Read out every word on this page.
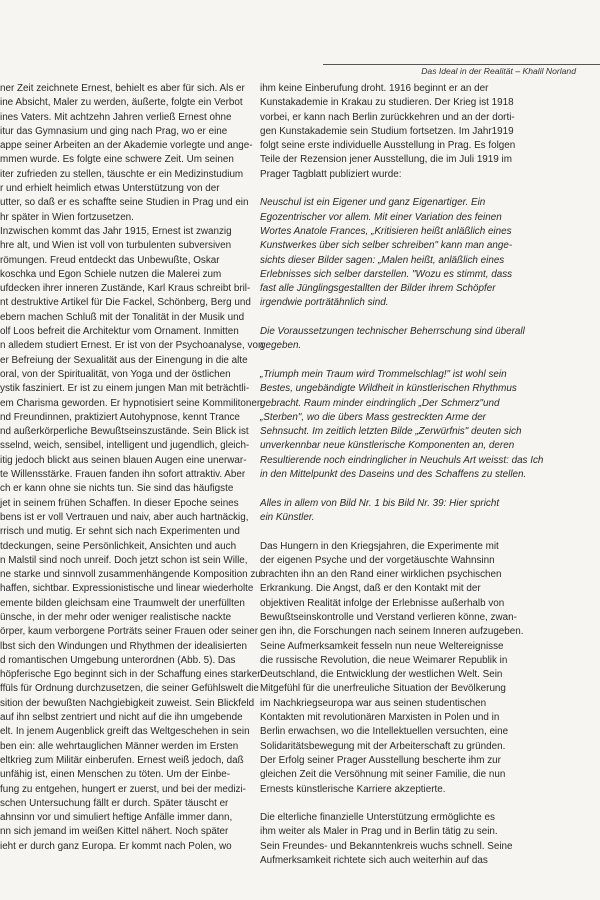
Das Ideal in der Realität – Khalil Norland
ner Zeit zeichnete Ernest, behielt es aber für sich. Als er
ine Absicht, Maler zu werden, äußerte, folgte ein Verbot
ines Vaters. Mit achtzehn Jahren verließ Ernest ohne
itur das Gymnasium und ging nach Prag, wo er eine
appe seiner Arbeiten an der Akademie vorlegte und ange-
mmen wurde. Es folgte eine schwere Zeit. Um seinen
iter zufrieden zu stellen, täuschte er ein Medizinstudium
r und erhielt heimlich etwas Unterstützung von der
utter, so daß er es schaffte seine Studien in Prag und ein
hr später in Wien fortzusetzen.
Inzwischen kommt das Jahr 1915, Ernest ist zwanzig
hre alt, und Wien ist voll von turbulenten subversiven
römungen. Freud entdeckt das Unbewußte, Oskar
koschka und Egon Schiele nutzen die Malerei zum
ufdecken ihrer inneren Zustände, Karl Kraus schreibt bril-
nt destruktive Artikel für Die Fackel, Schönberg, Berg und
ebern machen Schluß mit der Tonalität in der Musik und
olf Loos befreit die Architektur vom Ornament. Inmitten
n alledem studiert Ernest. Er ist von der Psychoanalyse, von
er Befreiung der Sexualität aus der Einengung in die alte
oral, von der Spiritualität, von Yoga und der östlichen
ystik fasziniert. Er ist zu einem jungen Man mit beträchtli-
em Charisma geworden. Er hypnotisiert seine Kommilitonen
nd Freundinnen, praktiziert Autohypnose, kennt Trance
nd außerkörperliche Bewußtseinszustände. Sein Blick ist
sselnd, weich, sensibel, intelligent und jugendlich, gleich-
itig jedoch blickt aus seinen blauen Augen eine unerwar-
te Willensstärke. Frauen fanden ihn sofort attraktiv. Aber
ch er kann ohne sie nichts tun. Sie sind das häufigste
jet in seinem frühen Schaffen. In dieser Epoche seines
bens ist er voll Vertrauen und naiv, aber auch hartnäckig,
rrisch und mutig. Er sehnt sich nach Experimenten und
tdeckungen, seine Persönlichkeit, Ansichten und auch
n Malstil sind noch unreif. Doch jetzt schon ist sein Wille,
ne starke und sinnvoll zusammenhängende Komposition zu
haffen, sichtbar. Expressionistische und linear wiederholte
emente bilden gleichsam eine Traumwelt der unerfüllten
ünsche, in der mehr oder weniger realistische nackte
örper, kaum verborgene Porträts seiner Frauen oder seiner
lbst sich den Windungen und Rhythmen der idealisierten
d romantischen Umgebung unterordnen (Abb. 5). Das
höpferische Ego beginnt sich in der Schaffung eines starken
ffüls für Ordnung durchzusetzen, die seiner Gefühlswelt die
sition der bewußten Nachgiebigkeit zuweist. Sein Blickfeld
auf ihn selbst zentriert und nicht auf die ihn umgebende
elt. In jenem Augenblick greift das Weltgeschehen in sein
ben ein: alle wehrtauglichen Männer werden im Ersten
eltkrieg zum Militär einberufen. Ernest weiß jedoch, daß
unfähig ist, einen Menschen zu töten. Um der Einbe-
fung zu entgehen, hungert er zuerst, und bei der medizi-
schen Untersuchung fällt er durch. Später täuscht er
ahnsinn vor und simuliert heftige Anfälle immer dann,
nn sich jemand im weißen Kittel nähert. Noch später
ieht er durch ganz Europa. Er kommt nach Polen, wo
ihm keine Einberufung droht. 1916 beginnt er an der
Kunstakademie in Krakau zu studieren. Der Krieg ist 1918
vorbei, er kann nach Berlin zurückkehren und an der dorti-
gen Kunstakademie sein Studium fortsetzen. Im Jahr1919
folgt seine erste individuelle Ausstellung in Prag. Es folgen
Teile der Rezension jener Ausstellung, die im Juli 1919 im
Prager Tagblatt publiziert wurde:
Neuschul ist ein Eigener und ganz Eigenartiger. Ein
Egozentrischer vor allem. Mit einer Variation des feinen
Wortes Anatole Frances, „Kritisieren heißt anläßlich eines
Kunstwerkes über sich selber schreiben" kann man ange-
sichts dieser Bilder sagen: „Malen heißt, anläßlich eines
Erlebnisses sich selber darstellen. "Wozu es stimmt, dass
fast alle Jünglingsgestallten der Bilder ihrem Schöpfer
irgendwie porträtähnlich sind.
Die Voraussetzungen technischer Beherrschung sind überall
gegeben.
„Triumph mein Traum wird Trommelschlag!" ist wohl sein
Bestes, ungebändigte Wildheit in künstlerischen Rhythmus
gebracht. Raum minder eindringlich „Der Schmerz"und
„Sterben", wo die übers Mass gestreckten Arme der
Sehnsucht. Im zeitlich letzten Bilde „Zerwürfnis" deuten sich
unverkennbar neue künstlerische Komponenten an, deren
Resultierende noch eindringlicher in Neuchuls Art weisst: das Ich
in den Mittelpunkt des Daseins und des Schaffens zu stellen.
Alles in allem von Bild Nr. 1 bis Bild Nr. 39: Hier spricht
ein Künstler.
Das Hungern in den Kriegsjahren, die Experimente mit
der eigenen Psyche und der vorgetäuschte Wahnsinn
brachten ihn an den Rand einer wirklichen psychischen
Erkrankung. Die Angst, daß er den Kontakt mit der
objektiven Realität infolge der Erlebnisse außerhalb von
Bewußtseinskontrolle und Verstand verlieren könne, zwan-
gen ihn, die Forschungen nach seinem Inneren aufzugeben.
Seine Aufmerksamkeit fesseln nun neue Weltereignisse
die russische Revolution, die neue Weimarer Republik in
Deutschland, die Entwicklung der westlichen Welt. Sein
Mitgefühl für die unerfreuliche Situation der Bevölkerung
im Nachkriegseuropa war aus seinen studentischen
Kontakten mit revolutionären Marxisten in Polen und in
Berlin erwachsen, wo die Intellektuellen versuchten, eine
Solidaritätsbewegung mit der Arbeiterschaft zu gründen.
Der Erfolg seiner Prager Ausstellung bescherte ihm zur
gleichen Zeit die Versöhnung mit seiner Familie, die nun
Ernests künstlerische Karriere akzeptierte.
Die elterliche finanzielle Unterstützung ermöglichte es
ihm weiter als Maler in Prag und in Berlin tätig zu sein.
Sein Freundes- und Bekanntenkreis wuchs schnell. Seine
Aufmerksamkeit richtete sich auch weiterhin auf das
